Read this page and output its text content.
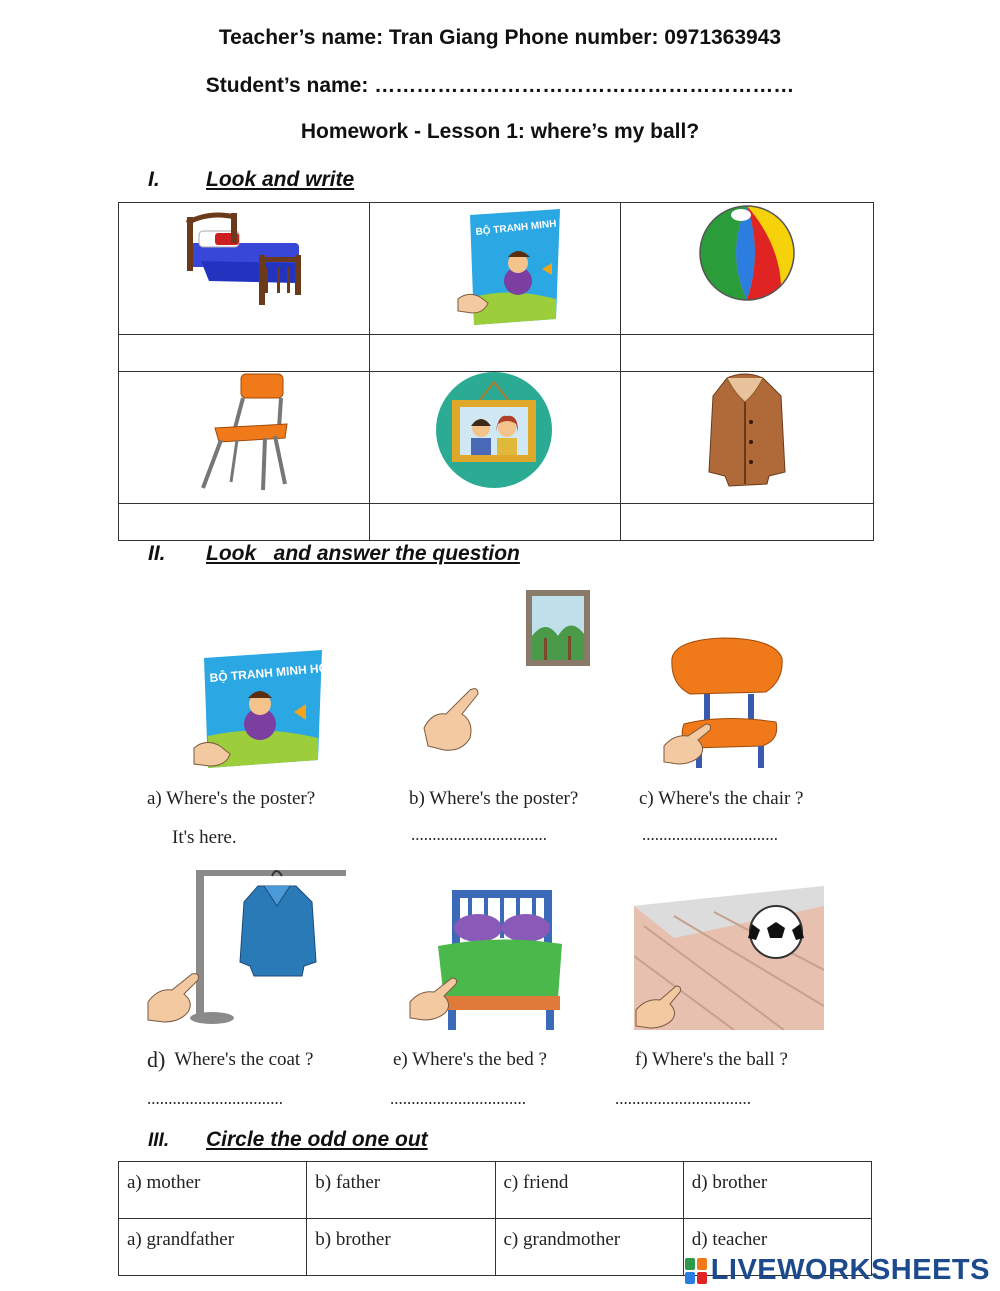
Teacher’s name: Tran Giang Phone number: 0971363943
Student’s name: ……………………………………………………
Homework - Lesson 1: where’s my ball?
I. Look and write

BỘ TRANH MINH HOẠ

II. Look   and answer the question
BỘ TRANH MINH HOẠ
a) Where's the poster?	b) Where's the poster?	c) Where's the chair ?
It's here.	................................	................................
d) Where's the coat ?	e) Where's the bed ?	f) Where's the ball ?
................................	................................	................................
III. Circle the odd one out
a) mother	b) father	c) friend	d) brother
a) grandfather	b) brother	c) grandmother	d) teacher
LIVEWORKSHEETS
